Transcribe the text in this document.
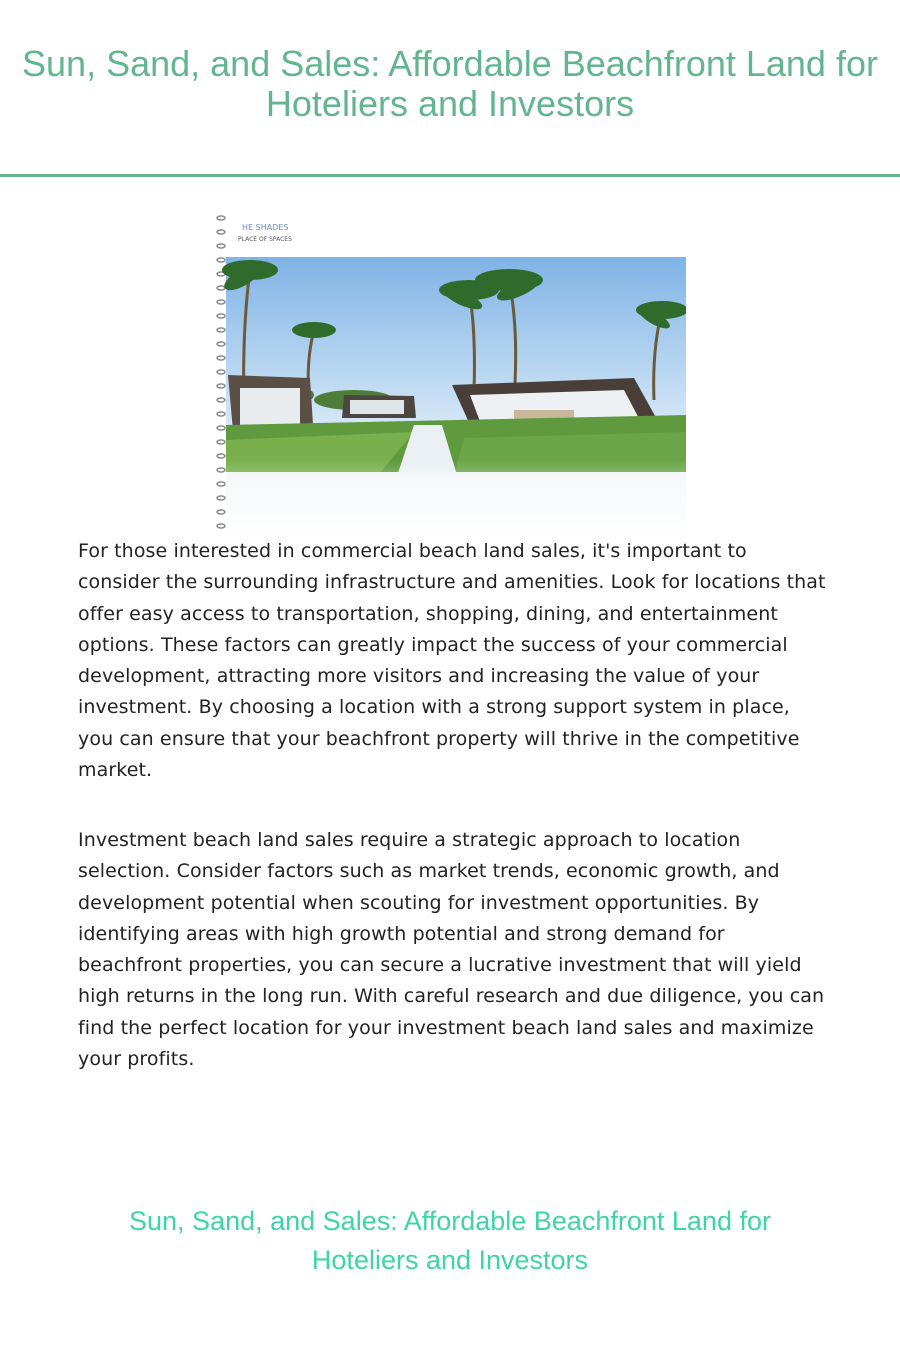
Sun, Sand, and Sales: Affordable Beachfront Land for Hoteliers and Investors
HE SHADES
PLACE OF SPACES

For those interested in commercial beach land sales, it's important to consider the surrounding infrastructure and amenities. Look for locations that offer easy access to transportation, shopping, dining, and entertainment options. These factors can greatly impact the success of your commercial development, attracting more visitors and increasing the value of your investment. By choosing a location with a strong support system in place, you can ensure that your beachfront property will thrive in the competitive market.

Investment beach land sales require a strategic approach to location selection. Consider factors such as market trends, economic growth, and development potential when scouting for investment opportunities. By identifying areas with high growth potential and strong demand for beachfront properties, you can secure a lucrative investment that will yield high returns in the long run. With careful research and due diligence, you can find the perfect location for your investment beach land sales and maximize your profits.

Sun, Sand, and Sales: Affordable Beachfront Land for Hoteliers and Investors
